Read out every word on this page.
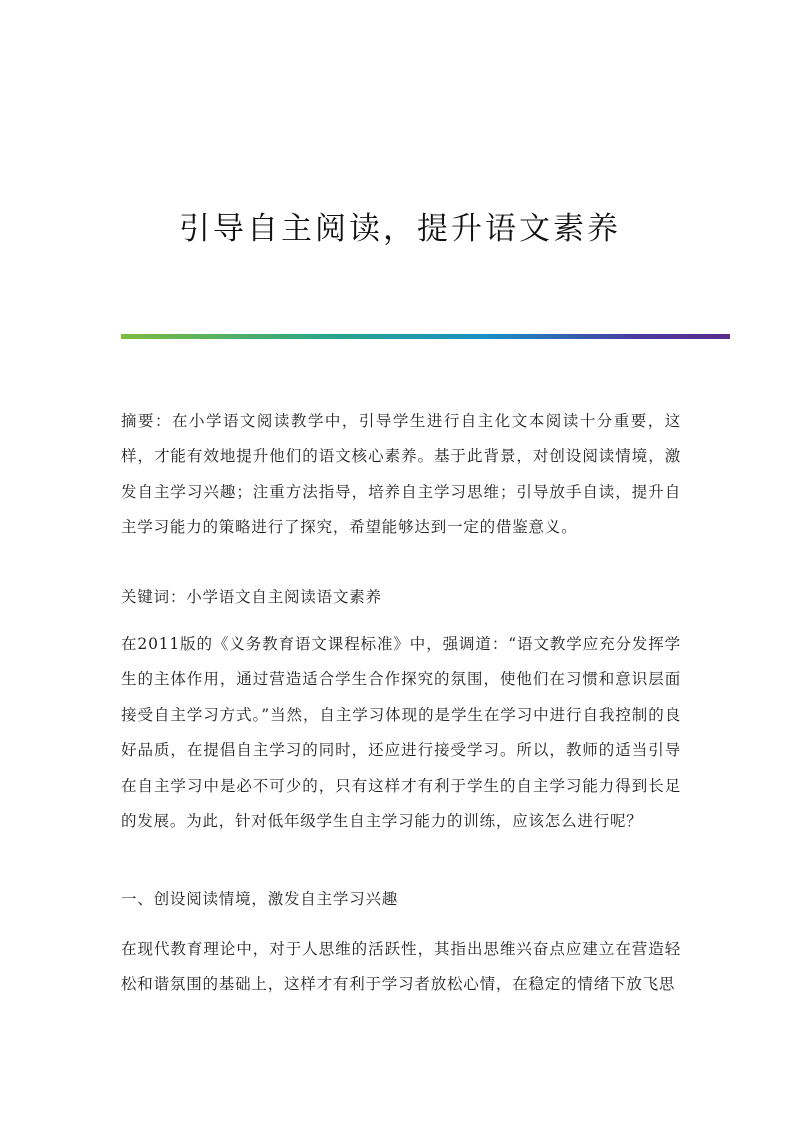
引导自主阅读，提升语文素养

摘要：在小学语文阅读教学中，引导学生进行自主化文本阅读十分重要，这样，才能有效地提升他们的语文核心素养。基于此背景，对创设阅读情境，激发自主学习兴趣；注重方法指导，培养自主学习思维；引导放手自读，提升自主学习能力的策略进行了探究，希望能够达到一定的借鉴意义。

关键词：小学语文自主阅读语文素养

在2011版的《义务教育语文课程标准》中，强调道：“语文教学应充分发挥学生的主体作用，通过营造适合学生合作探究的氛围，使他们在习惯和意识层面接受自主学习方式。”当然，自主学习体现的是学生在学习中进行自我控制的良好品质，在提倡自主学习的同时，还应进行接受学习。所以，教师的适当引导在自主学习中是必不可少的，只有这样才有利于学生的自主学习能力得到长足的发展。为此，针对低年级学生自主学习能力的训练，应该怎么进行呢？

一、创设阅读情境，激发自主学习兴趣

在现代教育理论中，对于人思维的活跃性，其指出思维兴奋点应建立在营造轻松和谐氛围的基础上，这样才有利于学习者放松心情，在稳定的情绪下放飞思
